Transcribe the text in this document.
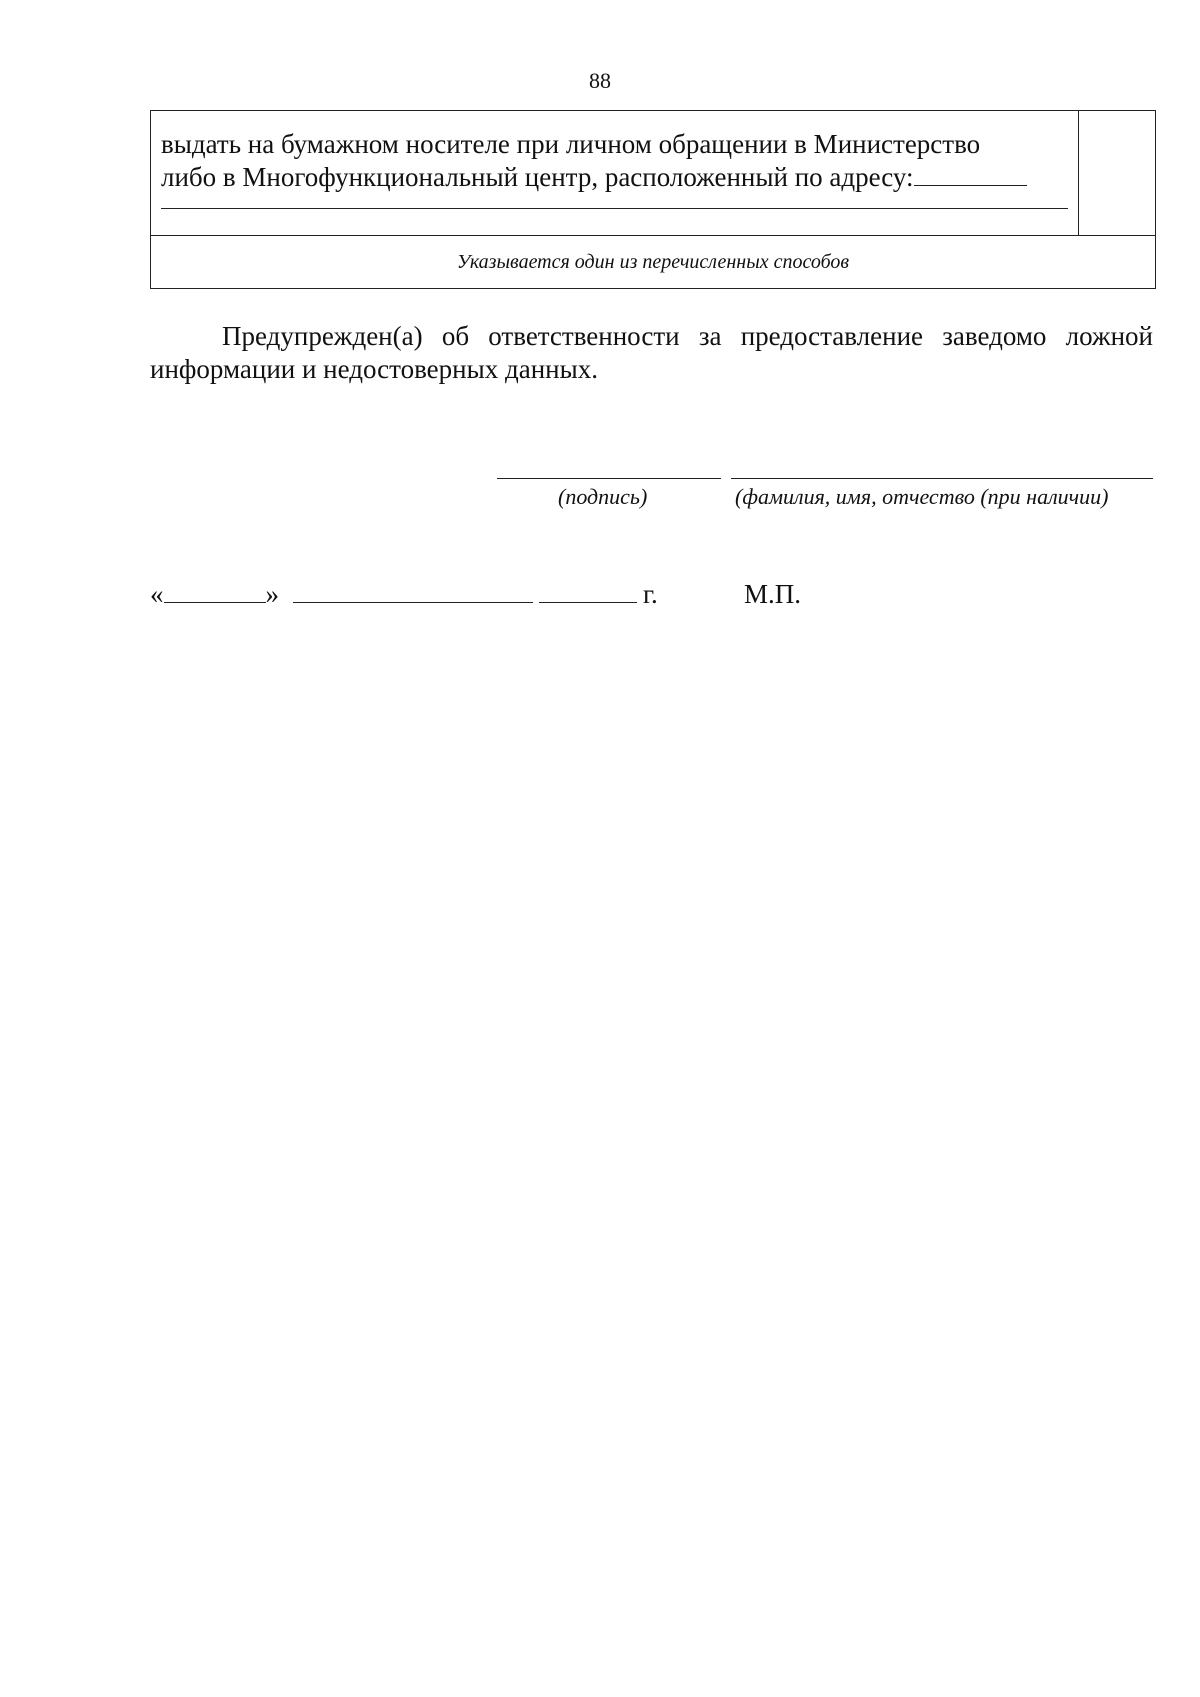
88
выдать на бумажном носителе при личном обращении в Министерство
либо в Многофункциональный центр, расположенный по адресу:

Указывается один из перечисленных способов
Предупрежден(а) об ответственности за предоставление заведомо ложной информации и недостоверных данных.
(подпись)	(фамилия, имя, отчество (при наличии)
«	»	г.	М.П.
